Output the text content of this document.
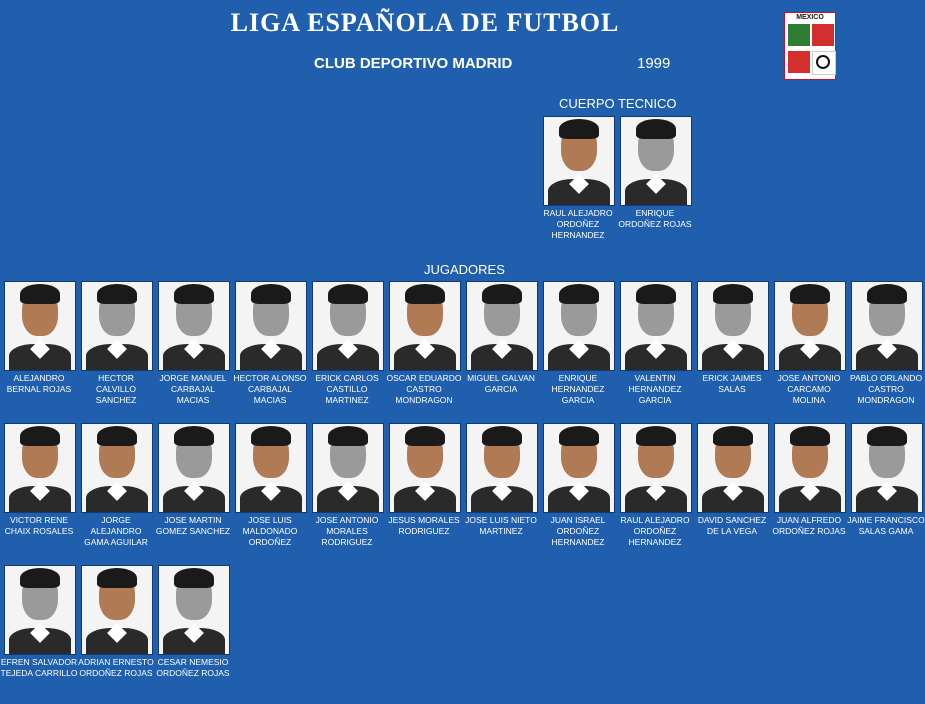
LIGA ESPAÑOLA DE FUTBOL
CLUB DEPORTIVO MADRID	1999
MEXICO
CUERPO TECNICO
JUGADORES
RAUL ALEJADRO ORDOÑEZ HERNANDEZ
ENRIQUE ORDOÑEZ ROJAS
ALEJANDRO BERNAL ROJAS
HECTOR CALVILLO SANCHEZ
JORGE MANUEL CARBAJAL MACIAS
HECTOR ALONSO CARBAJAL MACIAS
ERICK CARLOS CASTILLO MARTINEZ
OSCAR EDUARDO CASTRO MONDRAGON
MIGUEL GALVAN GARCIA
ENRIQUE HERNANDEZ GARCIA
VALENTIN HERNANDEZ GARCIA
ERICK JAIMES SALAS
JOSE ANTONIO CARCAMO MOLINA
PABLO ORLANDO CASTRO MONDRAGON
VICTOR RENE CHAIX ROSALES
JORGE ALEJANDRO GAMA AGUILAR
JOSE MARTIN GOMEZ SANCHEZ
JOSE LUIS MALDONADO ORDOÑEZ
JOSE ANTONIO MORALES RODRIGUEZ
JESUS MORALES RODRIGUEZ
JOSE LUIS NIETO MARTINEZ
JUAN ISRAEL ORDOÑEZ HERNANDEZ
RAUL ALEJADRO ORDOÑEZ HERNANDEZ
DAVID SANCHEZ DE LA VEGA
JUAN ALFREDO ORDOÑEZ ROJAS
JAIME FRANCISCO SALAS GAMA
EFREN SALVADOR TEJEDA CARRILLO
ADRIAN ERNESTO ORDOÑEZ ROJAS
CESAR NEMESIO ORDOÑEZ ROJAS
